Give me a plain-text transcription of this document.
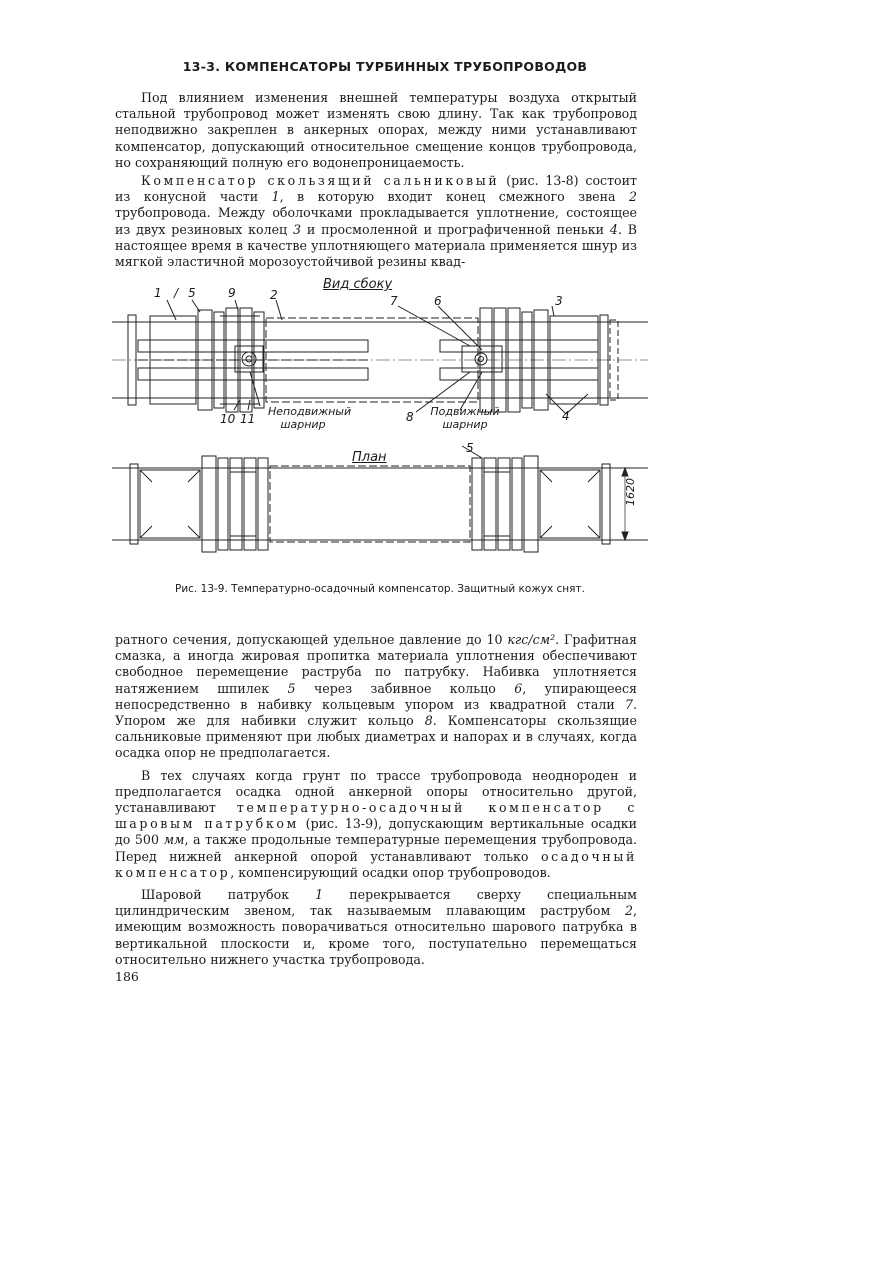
13-3. КОМПЕНСАТОРЫ ТУРБИННЫХ ТРУБОПРОВОДОВ

Под влиянием изменения внешней температуры воздуха открытый стальной трубопровод может изменять свою длину. Так как трубопровод неподвижно закреплен в анкерных опорах, между ними устанавливают компенсатор, допускающий относительное смещение концов трубопровода, но сохраняющий полную его водонепроницаемость.

Компенсатор скользящий сальниковый (рис. 13-8) состоит из конусной части 1, в которую входит конец смежного звена 2 трубопровода. Между оболочками прокладывается уплотнение, состоящее из двух резиновых колец 3 и просмоленной и прографиченной пеньки 4. В настоящее время в качестве уплотняющего материала применяется шнур из мягкой эластичной морозоустойчивой резины квад-

1 / 5	9	2
Вид сбоку
7	6	3
10 11
Неподвижный шарнир
8 Подвижный шарнир
4
План
5
1620
Рис. 13-9. Температурно-осадочный компенсатор. Защитный кожух снят.

ратного сечения, допускающей удельное давление до 10 кгс/см². Графитная смазка, а иногда жировая пропитка материала уплотнения обеспечивают свободное перемещение раструба по патрубку. Набивка уплотняется натяжением шпилек 5 через забивное кольцо 6, упирающееся непосредственно в набивку кольцевым упором из квадратной стали 7. Упором же для набивки служит кольцо 8. Компенсаторы скользящие сальниковые применяют при любых диаметрах и напорах и в случаях, когда осадка опор не предполагается.

В тех случаях когда грунт по трассе трубопровода неоднороден и предполагается осадка одной анкерной опоры относительно другой, устанавливают температурно-осадочный компенсатор с шаровым патрубком (рис. 13-9), допускающим вертикальные осадки до 500 мм, а также продольные температурные перемещения трубопровода. Перед нижней анкерной опорой устанавливают только осадочный компенсатор, компенсирующий осадки опор трубопроводов.

Шаровой патрубок 1 перекрывается сверху специальным цилиндрическим звеном, так называемым плавающим раструбом 2, имеющим возможность поворачиваться относительно шарового патрубка в вертикальной плоскости и, кроме того, поступательно перемещаться относительно нижнего участка трубопровода.

186
